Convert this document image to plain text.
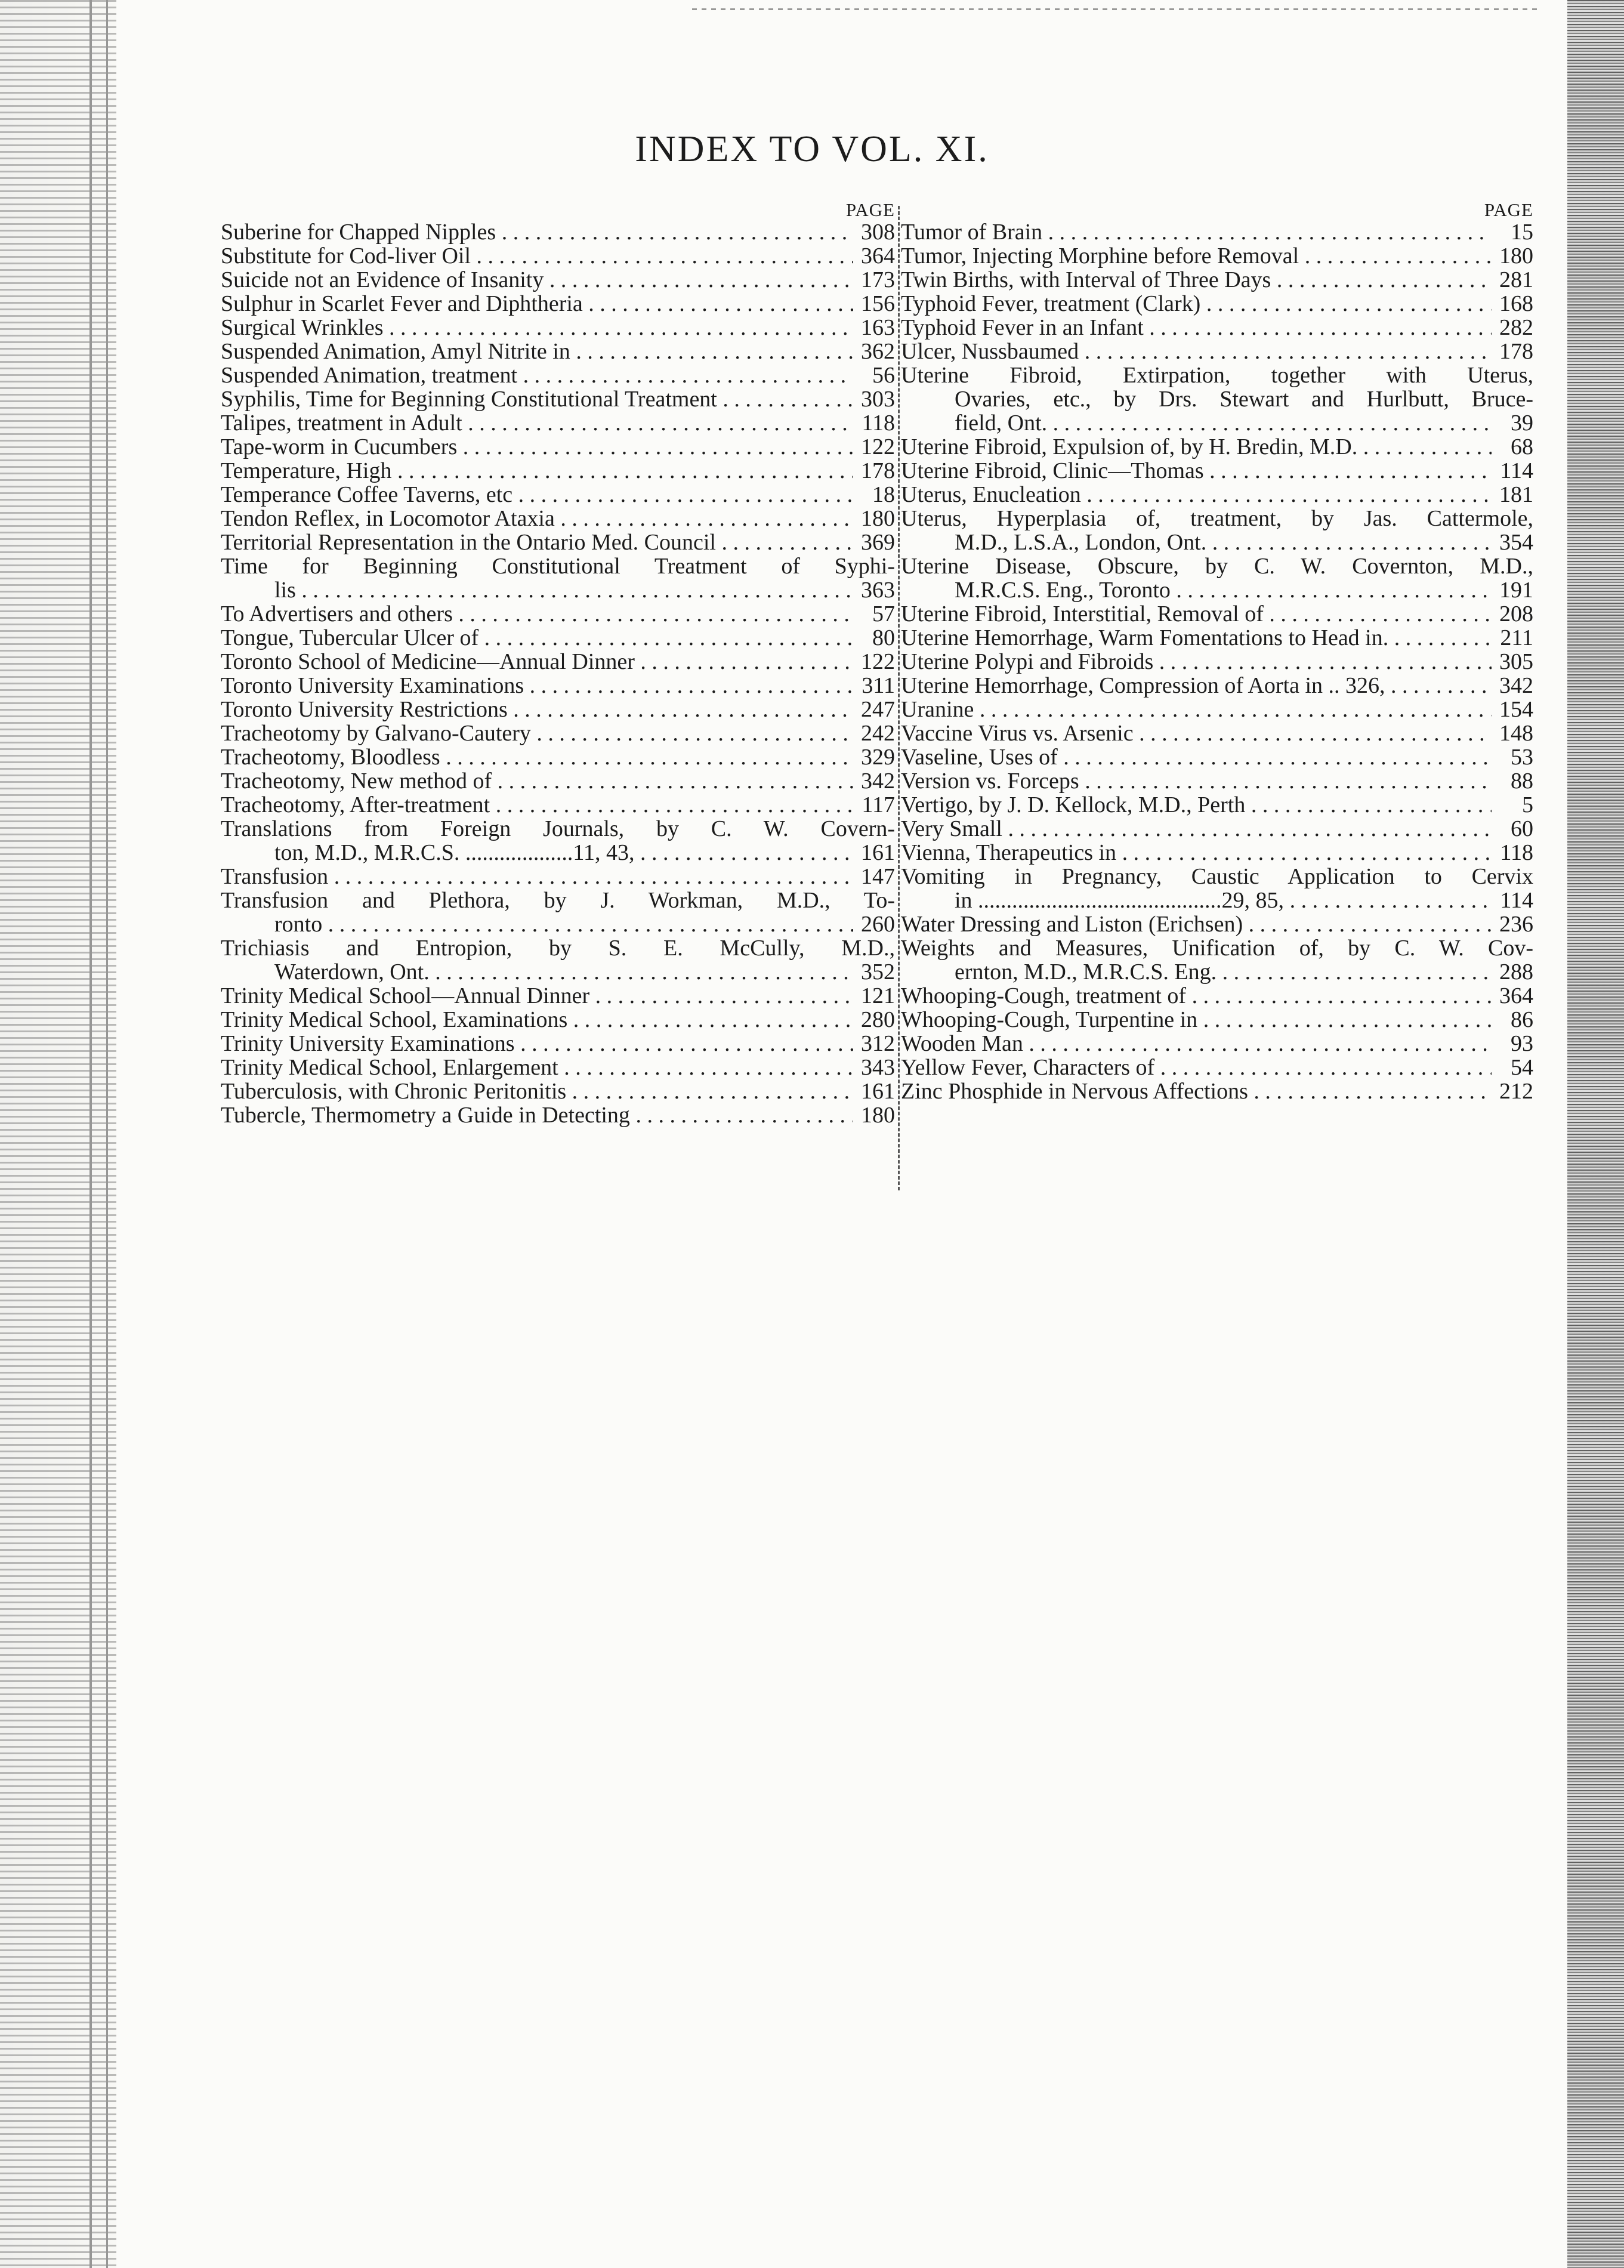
INDEX TO VOL. XI.
PAGE
Suberine for Chapped Nipples . . .	308
Substitute for Cod-liver Oil . . .	364
Suicide not an Evidence of Insanity . . .	173
Sulphur in Scarlet Fever and Diphtheria . . .	156
Surgical Wrinkles . . .	163
Suspended Animation, Amyl Nitrite in . . .	362
Suspended Animation, treatment . . .	56
Syphilis, Time for Beginning Constitutional Treatment . . .	303
Talipes, treatment in Adult . . .	118
Tape-worm in Cucumbers . . .	122
Temperature, High . . .	178
Temperance Coffee Taverns, etc . . .	18
Tendon Reflex, in Locomotor Ataxia . . .	180
Territorial Representation in the Ontario Med. Council . . .	369
Time for Beginning Constitutional Treatment of Syphi-
lis . . .	363
To Advertisers and others . . .	57
Tongue, Tubercular Ulcer of . . .	80
Toronto School of Medicine—Annual Dinner . . .	122
Toronto University Examinations . . .	311
Toronto University Restrictions . . .	247
Tracheotomy by Galvano-Cautery . . .	242
Tracheotomy, Bloodless . . .	329
Tracheotomy, New method of . . .	342
Tracheotomy, After-treatment . . .	117
Translations from Foreign Journals, by C. W. Covern-
ton, M.D., M.R.C.S. ...................11, 43, . . .	161
Transfusion . . .	147
Transfusion and Plethora, by J. Workman, M.D., To-
ronto . . .	260
Trichiasis and Entropion, by S. E. McCully, M.D.,
Waterdown, Ont. . . .	352
Trinity Medical School—Annual Dinner . . .	121
Trinity Medical School, Examinations . . .	280
Trinity University Examinations . . .	312
Trinity Medical School, Enlargement . . .	343
Tuberculosis, with Chronic Peritonitis . . .	161
Tubercle, Thermometry a Guide in Detecting . . .	180
PAGE
Tumor of Brain . . .	15
Tumor, Injecting Morphine before Removal . . .	180
Twin Births, with Interval of Three Days . . .	281
Typhoid Fever, treatment (Clark) . . .	168
Typhoid Fever in an Infant . . .	282
Ulcer, Nussbaumed . . .	178
Uterine Fibroid, Extirpation, together with Uterus,
Ovaries, etc., by Drs. Stewart and Hurlbutt, Bruce-
field, Ont. . . .	39
Uterine Fibroid, Expulsion of, by H. Bredin, M.D. . . .	68
Uterine Fibroid, Clinic—Thomas . . .	114
Uterus, Enucleation . . .	181
Uterus, Hyperplasia of, treatment, by Jas. Cattermole,
M.D., L.S.A., London, Ont. . . .	354
Uterine Disease, Obscure, by C. W. Covernton, M.D.,
M.R.C.S. Eng., Toronto . . .	191
Uterine Fibroid, Interstitial, Removal of . . .	208
Uterine Hemorrhage, Warm Fomentations to Head in. . . .	211
Uterine Polypi and Fibroids . . .	305
Uterine Hemorrhage, Compression of Aorta in .. 326, . . .	342
Uranine . . .	154
Vaccine Virus vs. Arsenic . . .	148
Vaseline, Uses of . . .	53
Version vs. Forceps . . .	88
Vertigo, by J. D. Kellock, M.D., Perth . . .	5
Very Small . . .	60
Vienna, Therapeutics in . . .	118
Vomiting in Pregnancy, Caustic Application to Cervix
in ...........................................29, 85, . . .	114
Water Dressing and Liston (Erichsen) . . .	236
Weights and Measures, Unification of, by C. W. Cov-
ernton, M.D., M.R.C.S. Eng. . . .	288
Whooping-Cough, treatment of . . .	364
Whooping-Cough, Turpentine in . . .	86
Wooden Man . . .	93
Yellow Fever, Characters of . . .	54
Zinc Phosphide in Nervous Affections . . .	212
